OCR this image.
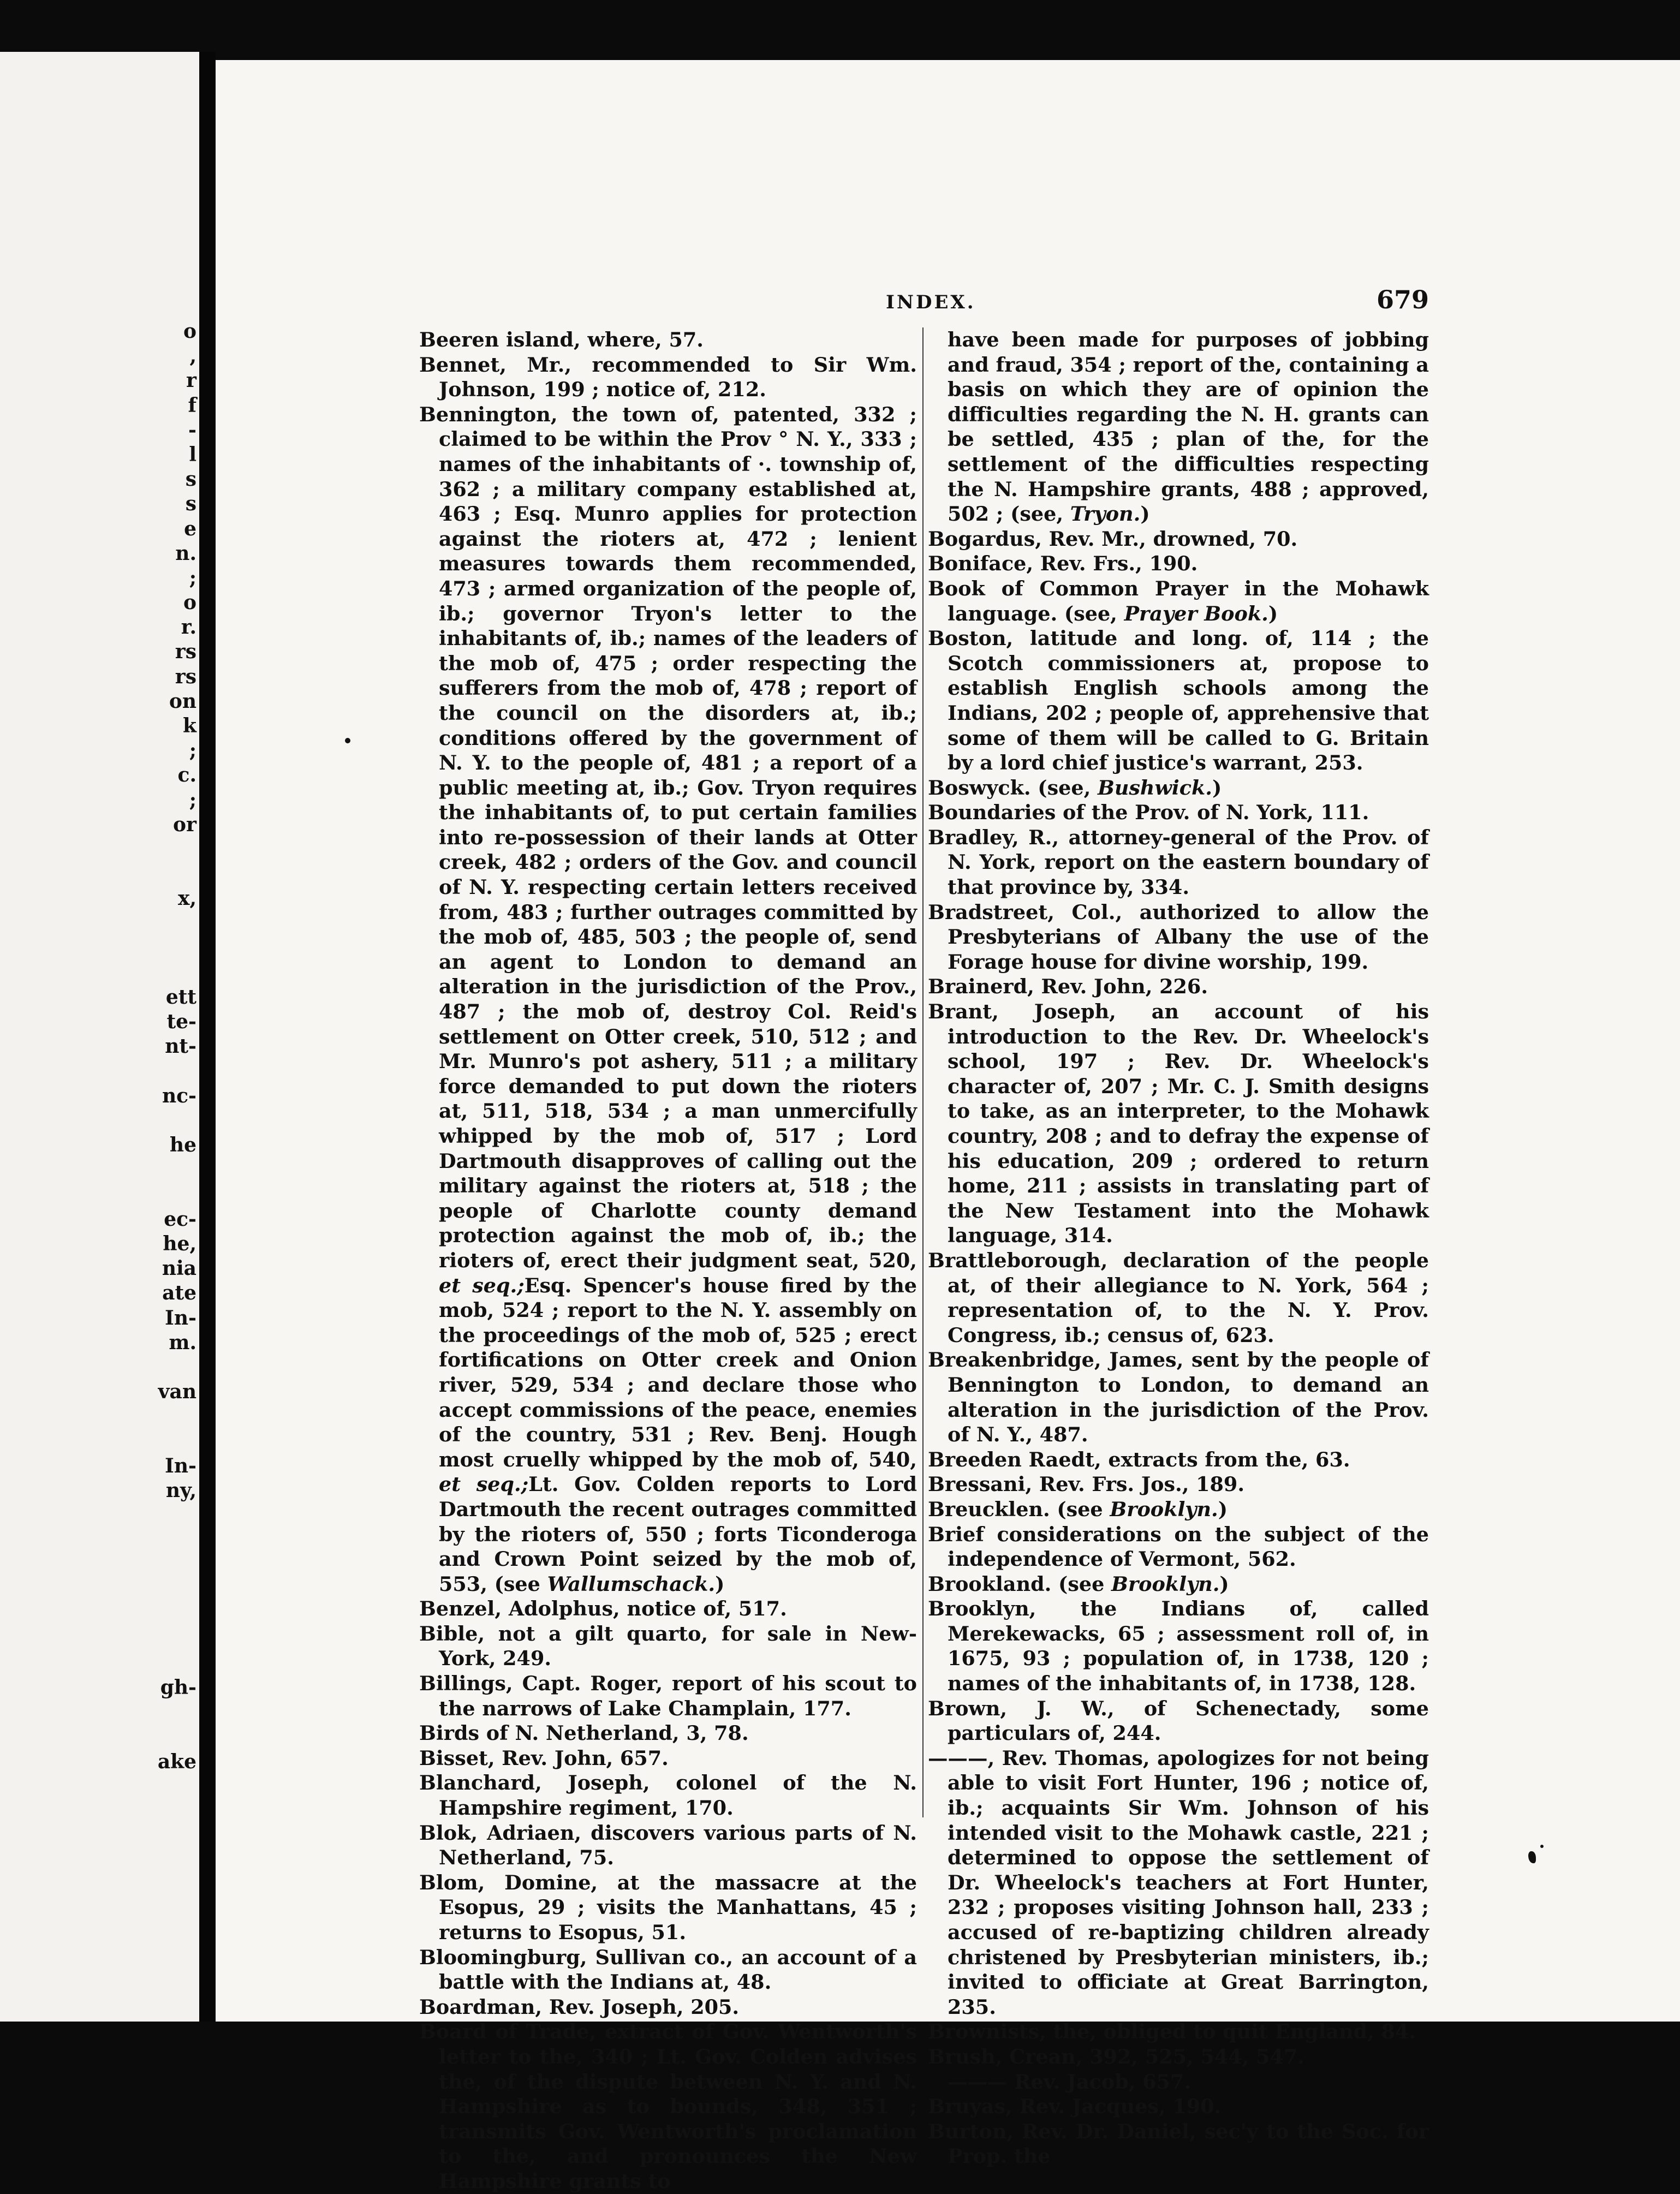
o
,
r
f
-
l
s
s
e
n.
;
o
r.
rs
rs
on
k
;
c.
;
or
x,
ett
te-
nt-
nc-
he
ec-
he,
nia
ate
In-
m.
van
In-
ny,
gh-
ake
INDEX.	679
Beeren island, where, 57.
Bennet, Mr., recommended to Sir Wm. Johnson, 199 ; notice of, 212.
Bennington, the town of, patented, 332 ; claimed to be within the Prov ° N. Y., 333 ; names of the inhabitants of ·. township of, 362 ; a military company established at, 463 ; Esq. Munro applies for protection against the rioters at, 472 ; lenient measures towards them recommended, 473 ; armed organization of the people of, ib.; governor Tryon's letter to the inhabitants of, ib.; names of the leaders of the mob of, 475 ; order respecting the sufferers from the mob of, 478 ; report of the council on the disorders at, ib.; conditions offered by the government of N. Y. to the people of, 481 ; a report of a public meeting at, ib.; Gov. Tryon requires the inhabitants of, to put certain families into re-possession of their lands at Otter creek, 482 ; orders of the Gov. and council of N. Y. respecting certain letters received from, 483 ; further outrages committed by the mob of, 485, 503 ; the people of, send an agent to London to demand an alteration in the jurisdiction of the Prov., 487 ; the mob of, destroy Col. Reid's settlement on Otter creek, 510, 512 ; and Mr. Munro's pot ashery, 511 ; a military force demanded to put down the rioters at, 511, 518, 534 ; a man unmercifully whipped by the mob of, 517 ; Lord Dartmouth disapproves of calling out the military against the rioters at, 518 ; the people of Charlotte county demand protection against the mob of, ib.; the rioters of, erect their judgment seat, 520, et seq.;Esq. Spencer's house fired by the mob, 524 ; report to the N. Y. assembly on the proceedings of the mob of, 525 ; erect fortifications on Otter creek and Onion river, 529, 534 ; and declare those who accept commissions of the peace, enemies of the country, 531 ; Rev. Benj. Hough most cruelly whipped by the mob of, 540, et seq.;Lt. Gov. Colden reports to Lord Dartmouth the recent outrages committed by the rioters of, 550 ; forts Ticonderoga and Crown Point seized by the mob of, 553, (see Wallumschack.)
Benzel, Adolphus, notice of, 517.
Bible, not a gilt quarto, for sale in New-York, 249.
Billings, Capt. Roger, report of his scout to the narrows of Lake Champlain, 177.
Birds of N. Netherland, 3, 78.
Bisset, Rev. John, 657.
Blanchard, Joseph, colonel of the N. Hampshire regiment, 170.
Blok, Adriaen, discovers various parts of N. Netherland, 75.
Blom, Domine, at the massacre at the Esopus, 29 ; visits the Manhattans, 45 ; returns to Esopus, 51.
Bloomingburg, Sullivan co., an account of a battle with the Indians at, 48.
Boardman, Rev. Joseph, 205.
Board of Trade, extract of Gov. Wentworth's letter to the, 340 ; Lt. Gov. Colden advises the, of the dispute between N. Y. and N. Hampshire as to bounds, 348, 351 ; transmits Gov. Wentworth's proclamation to the, and pronounces the New Hampshire grants to
have been made for purposes of jobbing and fraud, 354 ; report of the, containing a basis on which they are of opinion the difficulties regarding the N. H. grants can be settled, 435 ; plan of the, for the settlement of the difficulties respecting the N. Hampshire grants, 488 ; approved, 502 ; (see, Tryon.)
Bogardus, Rev. Mr., drowned, 70.
Boniface, Rev. Frs., 190.
Book of Common Prayer in the Mohawk language. (see, Prayer Book.)
Boston, latitude and long. of, 114 ; the Scotch commissioners at, propose to establish English schools among the Indians, 202 ; people of, apprehensive that some of them will be called to G. Britain by a lord chief justice's warrant, 253.
Boswyck. (see, Bushwick.)
Boundaries of the Prov. of N. York, 111.
Bradley, R., attorney-general of the Prov. of N. York, report on the eastern boundary of that province by, 334.
Bradstreet, Col., authorized to allow the Presbyterians of Albany the use of the Forage house for divine worship, 199.
Brainerd, Rev. John, 226.
Brant, Joseph, an account of his introduction to the Rev. Dr. Wheelock's school, 197 ; Rev. Dr. Wheelock's character of, 207 ; Mr. C. J. Smith designs to take, as an interpreter, to the Mohawk country, 208 ; and to defray the expense of his education, 209 ; ordered to return home, 211 ; assists in translating part of the New Testament into the Mohawk language, 314.
Brattleborough, declaration of the people at, of their allegiance to N. York, 564 ; representation of, to the N. Y. Prov. Congress, ib.; census of, 623.
Breakenbridge, James, sent by the people of Bennington to London, to demand an alteration in the jurisdiction of the Prov. of N. Y., 487.
Breeden Raedt, extracts from the, 63.
Bressani, Rev. Frs. Jos., 189.
Breucklen. (see Brooklyn.)
Brief considerations on the subject of the independence of Vermont, 562.
Brookland. (see Brooklyn.)
Brooklyn, the Indians of, called Merekewacks, 65 ; assessment roll of, in 1675, 93 ; population of, in 1738, 120 ; names of the inhabitants of, in 1738, 128.
Brown, J. W., of Schenectady, some particulars of, 244.
———, Rev. Thomas, apologizes for not being able to visit Fort Hunter, 196 ; notice of, ib.; acquaints Sir Wm. Johnson of his intended visit to the Mohawk castle, 221 ; determined to oppose the settlement of Dr. Wheelock's teachers at Fort Hunter, 232 ; proposes visiting Johnson hall, 233 ; accused of re-baptizing children already christened by Presbyterian ministers, ib.; invited to officiate at Great Barrington, 235.
Brownists, the, obliged to quit England, 84.
Brush, Crean, 392, 525, 544, 547.
——— Rev. Jacob, 657.
Bruyas, Rev. Jacques, 190.
Burton, Rev. Dr. Daniel, sec'y to the Soc. for Prop. the
